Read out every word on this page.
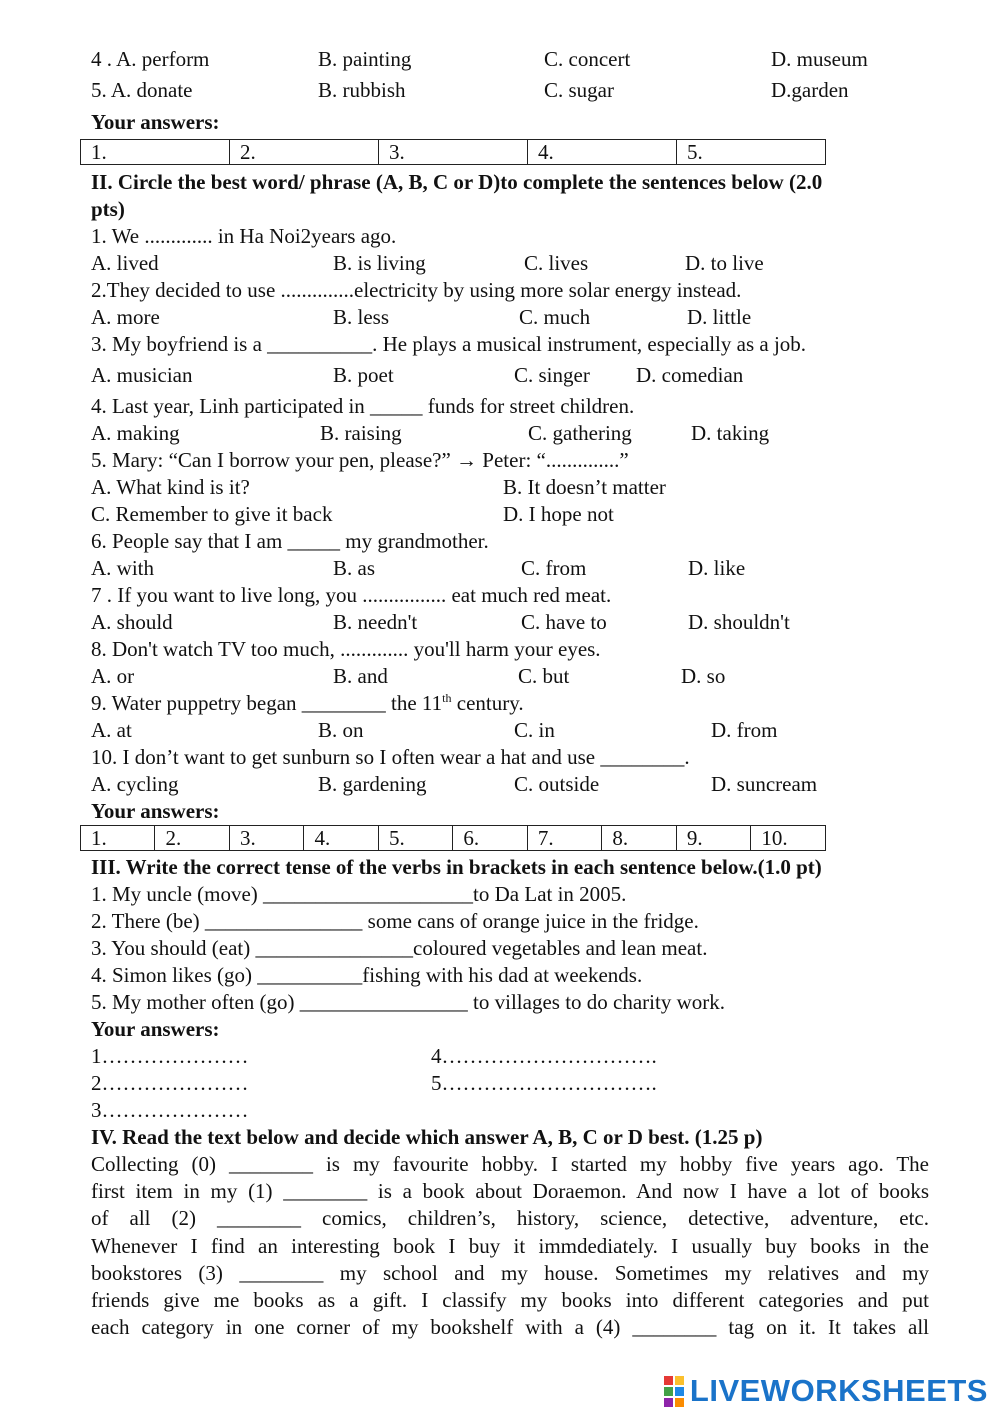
4 . A. perform	B. painting	C. concert	D. museum
5. A. donate	B. rubbish	C. sugar	D.garden
Your answers:
1.	2.	3.	4.	5.
II. Circle the best word/ phrase (A, B, C or D)to complete the sentences below (2.0
pts)
1. We ............. in Ha Noi2years ago.
A. lived	B. is living	C. lives	D. to live
2.They decided to use ..............electricity by using more solar energy instead.
A. more	B. less	C. much	D. little
3. My boyfriend is a __________. He plays a musical instrument, especially as a job.
A. musician	B. poet	C. singer D. comedian
4. Last year, Linh participated in _____ funds for street children.
A. making	B. raising	C. gathering	D. taking
5. Mary: “Can I borrow your pen, please?” → Peter: “..............”
A. What kind is it?	B. It doesn’t matter
C. Remember to give it back	D. I hope not
6. People say that I am _____ my grandmother.
A. with	B. as	C. from	D. like
7 . If you want to live long, you ................ eat much red meat.
A. should	B. needn't	C. have to	D. shouldn't
8. Don't watch TV too much, ............. you'll harm your eyes.
A. or	B. and	C. but	D. so
9. Water puppetry began ________ the 11th century.
A. at	B. on	C. in	D. from
10. I don’t want to get sunburn so I often wear a hat and use ________.
A. cycling	B. gardening	C. outside	D. suncream
Your answers:
1.	2.	3.	4.	5.	6.	7.	8.	9.	10.
III. Write the correct tense of the verbs in brackets in each sentence below.(1.0 pt)
1. My uncle (move) ____________________to Da Lat in 2005.
2. There (be) _______________ some cans of orange juice in the fridge.
3. You should (eat) _______________coloured vegetables and lean meat.
4. Simon likes (go) __________fishing with his dad at weekends.
5. My mother often (go) ________________ to villages to do charity work.
Your answers:
1…………………	4………………………….
2…………………	5………………………….
3…………………
IV. Read the text below and decide which answer A, B, C or D best. (1.25 p)
Collecting (0) ________ is my favourite hobby. I started my hobby five years ago. The
first item in my (1) ________ is a book about Doraemon. And now I have a lot of books
of all (2) ________ comics, children’s, history, science, detective, adventure, etc.
Whenever I find an interesting book I buy it immdediately. I usually buy books in the
bookstores (3) ________ my school and my house. Sometimes my relatives and my
friends give me books as a gift. I classify my books into different categories and put
each category in one corner of my bookshelf with a (4) ________ tag on it. It takes all
LIVEWORKSHEETS
